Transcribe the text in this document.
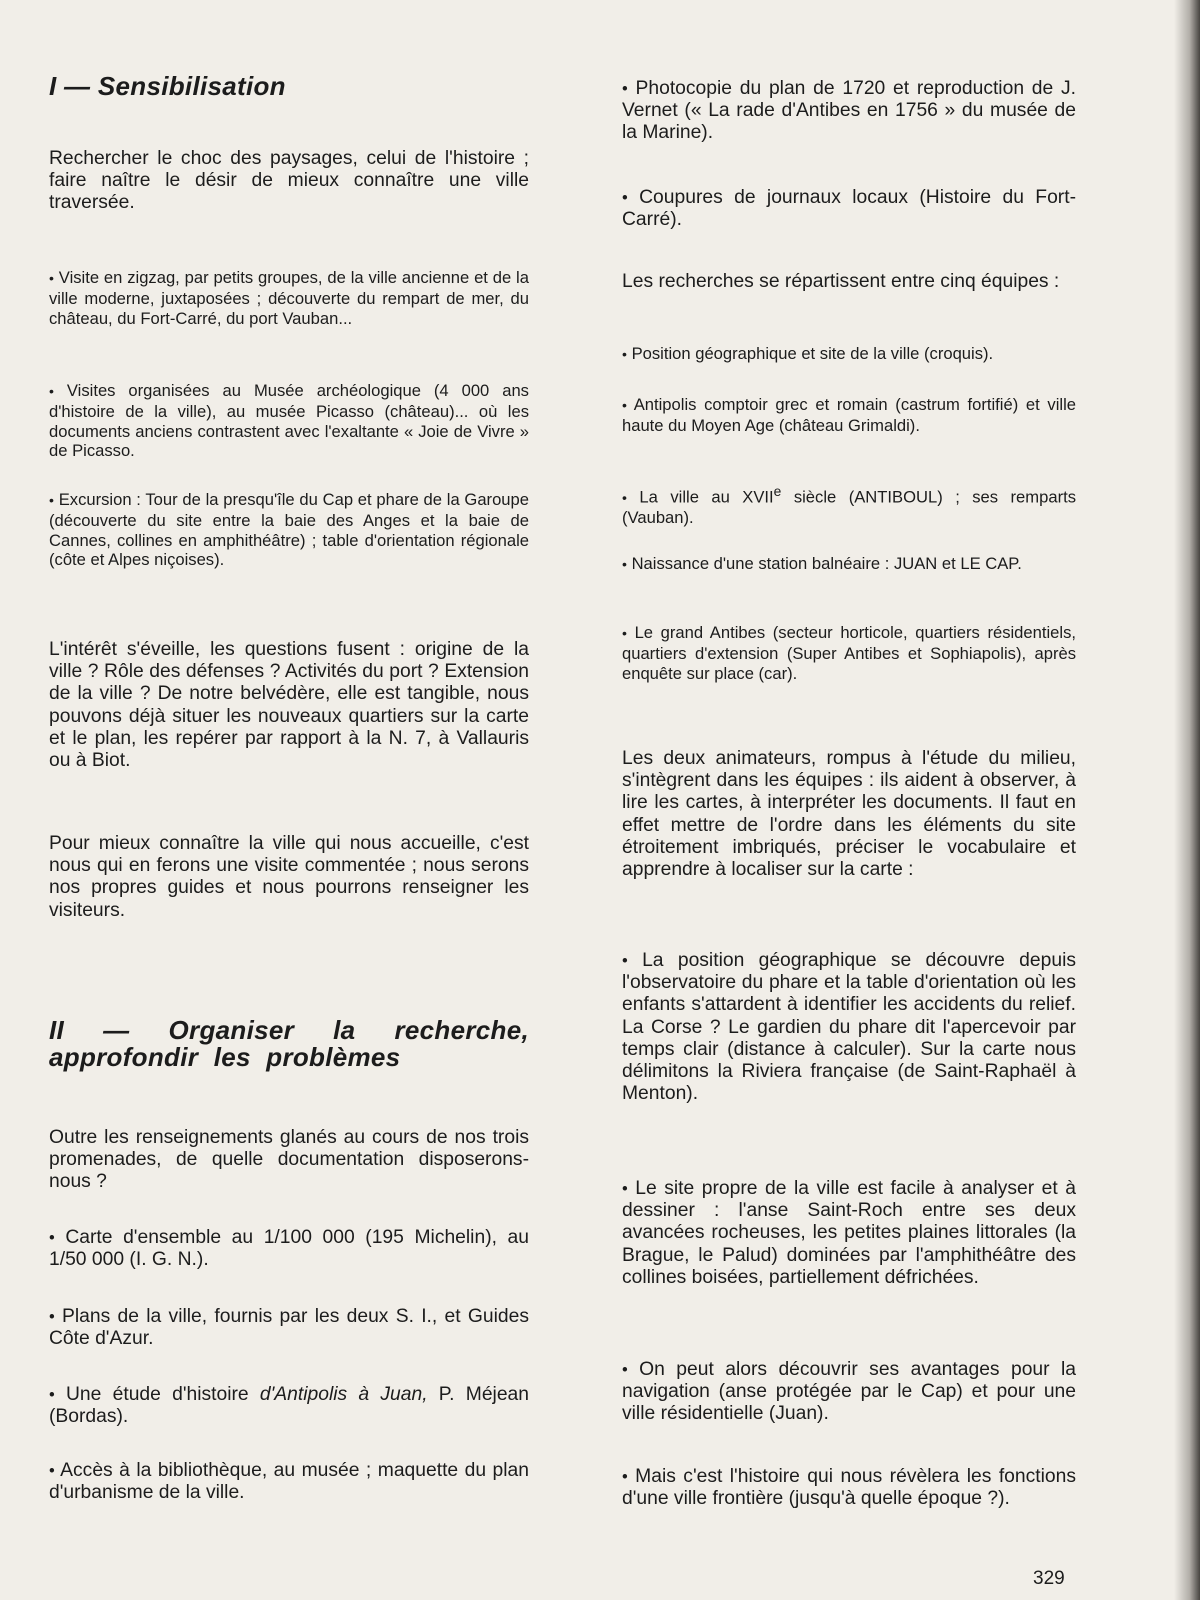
I — Sensibilisation

Rechercher le choc des paysages, celui de l'histoire ; faire naître le désir de mieux connaître une ville traversée.

• Visite en zigzag, par petits groupes, de la ville ancienne et de la ville moderne, juxtaposées ; découverte du rempart de mer, du château, du Fort-Carré, du port Vauban...

• Visites organisées au Musée archéologique (4 000 ans d'histoire de la ville), au musée Picasso (château)... où les documents anciens contrastent avec l'exaltante « Joie de Vivre » de Picasso.

• Excursion : Tour de la presqu'île du Cap et phare de la Garoupe (découverte du site entre la baie des Anges et la baie de Cannes, collines en amphithéâtre) ; table d'orientation régionale (côte et Alpes niçoises).

L'intérêt s'éveille, les questions fusent : origine de la ville ? Rôle des défenses ? Activités du port ? Extension de la ville ? De notre belvédère, elle est tangible, nous pouvons déjà situer les nouveaux quartiers sur la carte et le plan, les repérer par rapport à la N. 7, à Vallauris ou à Biot.

Pour mieux connaître la ville qui nous accueille, c'est nous qui en ferons une visite commentée ; nous serons nos propres guides et nous pourrons renseigner les visiteurs.

II — Organiser la recherche, approfondir les problèmes

Outre les renseignements glanés au cours de nos trois promenades, de quelle documentation disposerons-nous ?

• Carte d'ensemble au 1/100 000 (195 Michelin), au 1/50 000 (I. G. N.).

• Plans de la ville, fournis par les deux S. I., et Guides Côte d'Azur.

• Une étude d'histoire d'Antipolis à Juan, P. Méjean (Bordas).

• Accès à la bibliothèque, au musée ; maquette du plan d'urbanisme de la ville.

• Photocopie du plan de 1720 et reproduction de J. Vernet (« La rade d'Antibes en 1756 » du musée de la Marine).

• Coupures de journaux locaux (Histoire du Fort-Carré).

Les recherches se répartissent entre cinq équipes :

• Position géographique et site de la ville (croquis).

• Antipolis comptoir grec et romain (castrum fortifié) et ville haute du Moyen Age (château Grimaldi).

• La ville au XVIIe siècle (ANTIBOUL) ; ses remparts (Vauban).

• Naissance d'une station balnéaire : JUAN et LE CAP.

• Le grand Antibes (secteur horticole, quartiers résidentiels, quartiers d'extension (Super Antibes et Sophiapolis), après enquête sur place (car).

Les deux animateurs, rompus à l'étude du milieu, s'intègrent dans les équipes : ils aident à observer, à lire les cartes, à interpréter les documents. Il faut en effet mettre de l'ordre dans les éléments du site étroitement imbriqués, préciser le vocabulaire et apprendre à localiser sur la carte :

• La position géographique se découvre depuis l'observatoire du phare et la table d'orientation où les enfants s'attardent à identifier les accidents du relief. La Corse ? Le gardien du phare dit l'apercevoir par temps clair (distance à calculer). Sur la carte nous délimitons la Riviera française (de Saint-Raphaël à Menton).

• Le site propre de la ville est facile à analyser et à dessiner : l'anse Saint-Roch entre ses deux avancées rocheuses, les petites plaines littorales (la Brague, le Palud) dominées par l'amphithéâtre des collines boisées, partiellement défrichées.

• On peut alors découvrir ses avantages pour la navigation (anse protégée par le Cap) et pour une ville résidentielle (Juan).

• Mais c'est l'histoire qui nous révèlera les fonctions d'une ville frontière (jusqu'à quelle époque ?).

329
